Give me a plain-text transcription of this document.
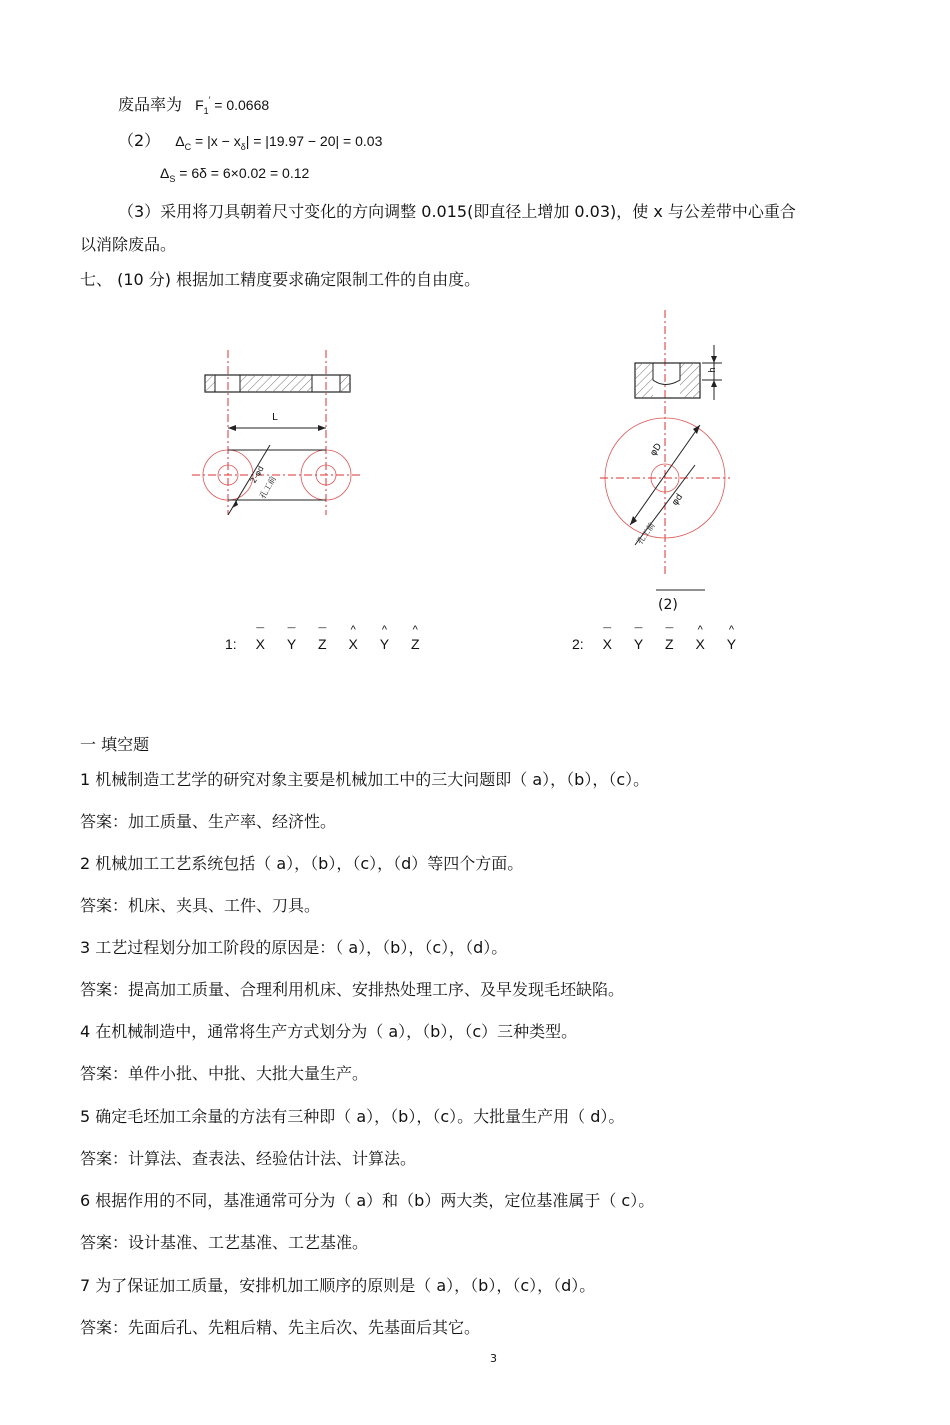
废品率为 $F_1' = 0.0668$
（2） $\Delta_C = |x - x_\delta| = |19.97 - 20| = 0.03$
$\Delta_S = 6\delta = 6\times 0.02 = 0.12$
（3）采用将刀具朝着尺寸变化的方向调整 0.015(即直径上增加 0.03)，使 x 与公差带中心重合
以消除废品。
七、 (10 分) 根据加工精度要求确定限制工件的自由度。
L
2-φd
孔工前
h
φD
φd
孔工前
(2)
1: ¯ X ¯ Y ¯ Z ^ X ^ Y ^ Z	2: ¯ X ¯ Y ¯ Z ^ X ^ Y
一 填空题
1 机械制造工艺学的研究对象主要是机械加工中的三大问题即（ a），（b），（c）。
答案：加工质量、生产率、经济性。
2 机械加工工艺系统包括（ a），（b），（c），（d）等四个方面。
答案：机床、夹具、工件、刀具。
3 工艺过程划分加工阶段的原因是：（ a），（b），（c），（d）。
答案：提高加工质量、合理利用机床、安排热处理工序、及早发现毛坯缺陷。
4 在机械制造中，通常将生产方式划分为（ a），（b），（c）三种类型。
答案：单件小批、中批、大批大量生产。
5 确定毛坯加工余量的方法有三种即（ a），（b），（c）。大批量生产用（ d）。
答案：计算法、查表法、经验估计法、计算法。
6 根据作用的不同，基准通常可分为（ a）和（b）两大类，定位基准属于（ c）。
答案：设计基准、工艺基准、工艺基准。
7 为了保证加工质量，安排机加工顺序的原则是（ a），（b），（c），（d）。
答案：先面后孔、先粗后精、先主后次、先基面后其它。
3
